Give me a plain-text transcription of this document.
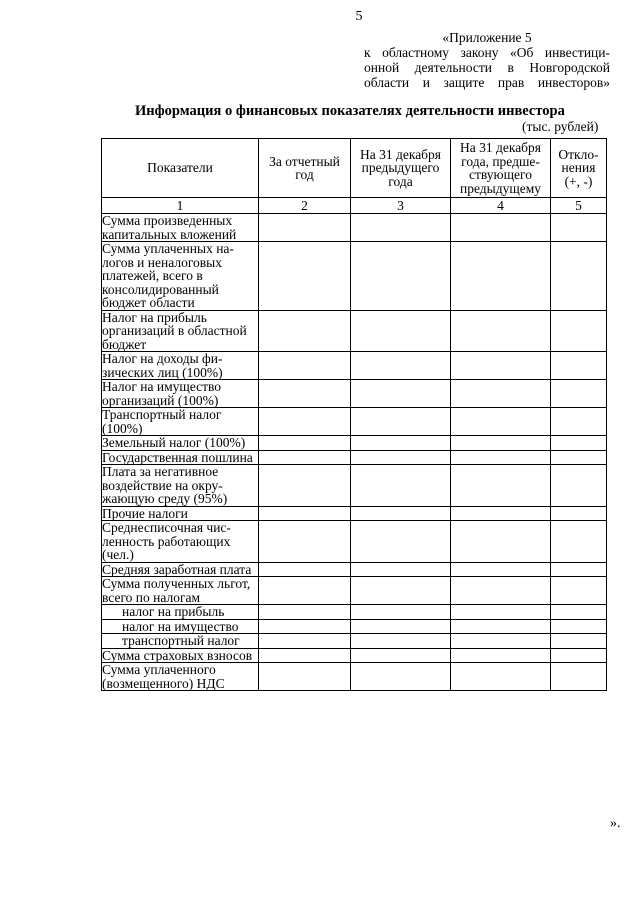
5
«Приложение 5
к областному закону «Об инвестици-
онной деятельности в Новгородской
области и защите прав инвесторов»
Информация о финансовых показателях деятельности инвестора
(тыс. рублей)
Показатели	За отчетный год	На 31 декабря предыдущего года	На 31 декабря года, предшествующего предыдущему	Отклонения (+, -)

1	2	3	4	5
Сумма произведенных капитальных вложений				
Сумма уплаченных налогов и неналоговых платежей, всего в консолидированный бюджет области				
Налог на прибыль организаций в областной бюджет				
Налог на доходы физических лиц (100%)				
Налог на имущество организаций (100%)				
Транспортный налог (100%)				
Земельный налог (100%)				
Государственная пошлина				
Плата за негативное воздействие на окружающую среду (95%)				
Прочие налоги				
Среднесписочная численность работающих (чел.)				
Средняя заработная плата				
Сумма полученных льгот, всего по налогам				
налог на прибыль				
налог на имущество				
транспортный налог				
Сумма страховых взносов				
Сумма уплаченного (возмещенного) НДС				
».
